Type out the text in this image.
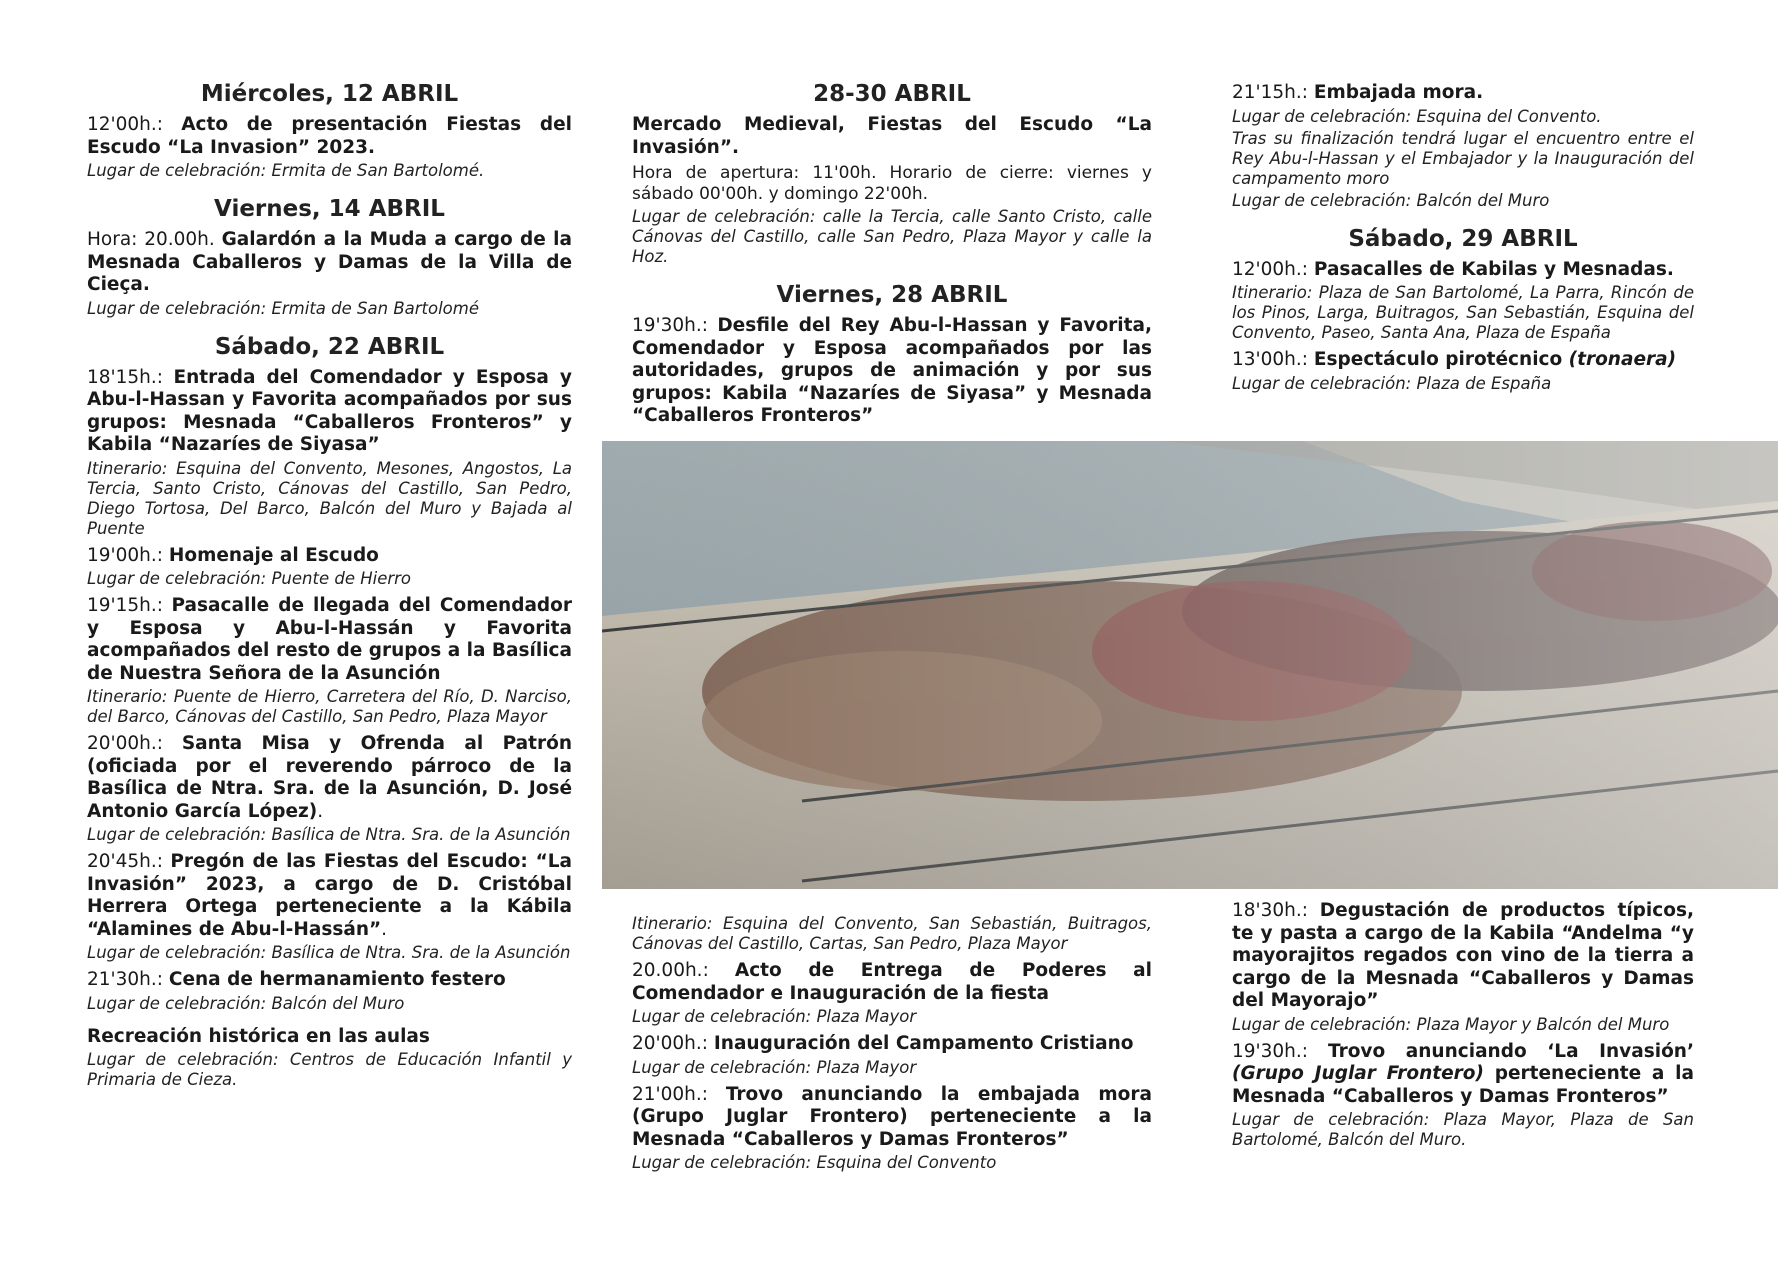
Miércoles, 12 ABRIL

12'00h.: Acto de presentación Fiestas del Escudo “La Invasion” 2023.

Lugar de celebración: Ermita de San Bartolomé.

Viernes, 14 ABRIL

Hora: 20.00h. Galardón a la Muda a cargo de la Mesnada Caballeros y Damas de la Villa de Cieça.

Lugar de celebración: Ermita de San Bartolomé

Sábado, 22 ABRIL

18'15h.: Entrada del Comendador y Esposa y Abu-l-Hassan y Favorita acompañados por sus grupos: Mesnada “Caballeros Fronteros” y Kabila “Nazaríes de Siyasa”

Itinerario: Esquina del Convento, Mesones, Angostos, La Tercia, Santo Cristo, Cánovas del Castillo, San Pedro, Diego Tortosa, Del Barco, Balcón del Muro y Bajada al Puente

19'00h.: Homenaje al Escudo

Lugar de celebración: Puente de Hierro

19'15h.: Pasacalle de llegada del Comendador y Esposa y Abu-l-Hassán y Favorita acompañados del resto de grupos a la Basílica de Nuestra Señora de la Asunción

Itinerario: Puente de Hierro, Carretera del Río, D. Narciso, del Barco, Cánovas del Castillo, San Pedro, Plaza Mayor

20'00h.: Santa Misa y Ofrenda al Patrón (oficiada por el reverendo párroco de la Basílica de Ntra. Sra. de la Asunción, D. José Antonio García López).

Lugar de celebración: Basílica de Ntra. Sra. de la Asunción

20'45h.: Pregón de las Fiestas del Escudo: “La Invasión” 2023, a cargo de D. Cristóbal Herrera Ortega perteneciente a la Kábila “Alamines de Abu-l-Hassán”.

Lugar de celebración: Basílica de Ntra. Sra. de la Asunción

21'30h.: Cena de hermanamiento festero

Lugar de celebración: Balcón del Muro

Recreación histórica en las aulas

Lugar de celebración: Centros de Educación Infantil y Primaria de Cieza.

28-30 ABRIL

Mercado Medieval, Fiestas del Escudo “La Invasión”.

Hora de apertura: 11'00h. Horario de cierre: viernes y sábado 00'00h. y domingo 22'00h.

Lugar de celebración: calle la Tercia, calle Santo Cristo, calle Cánovas del Castillo, calle San Pedro, Plaza Mayor y calle la Hoz.

Viernes, 28 ABRIL

19'30h.: Desfile del Rey Abu-l-Hassan y Favorita, Comendador y Esposa acompañados por las autoridades, grupos de animación y por sus grupos: Kabila “Nazaríes de Siyasa” y Mesnada “Caballeros Fronteros”

21'15h.: Embajada mora.

Lugar de celebración: Esquina del Convento.

Tras su finalización tendrá lugar el encuentro entre el Rey Abu-l-Hassan y el Embajador y la Inauguración del campamento moro

Lugar de celebración: Balcón del Muro

Sábado, 29 ABRIL

12'00h.: Pasacalles de Kabilas y Mesnadas.

Itinerario: Plaza de San Bartolomé, La Parra, Rincón de los Pinos, Larga, Buitragos, San Sebastián, Esquina del Convento, Paseo, Santa Ana, Plaza de España

13'00h.: Espectáculo pirotécnico (tronaera)

Lugar de celebración: Plaza de España

Itinerario: Esquina del Convento, San Sebastián, Buitragos, Cánovas del Castillo, Cartas, San Pedro, Plaza Mayor

20.00h.: Acto de Entrega de Poderes al Comendador e Inauguración de la fiesta

Lugar de celebración: Plaza Mayor

20'00h.: Inauguración del Campamento Cristiano

Lugar de celebración: Plaza Mayor

21'00h.: Trovo anunciando la embajada mora (Grupo Juglar Frontero) perteneciente a la Mesnada “Caballeros y Damas Fronteros”

Lugar de celebración: Esquina del Convento

18'30h.: Degustación de productos típicos, te y pasta a cargo de la Kabila “Andelma “y mayorajitos regados con vino de la tierra a cargo de la Mesnada “Caballeros y Damas del Mayorajo”

Lugar de celebración: Plaza Mayor y Balcón del Muro

19'30h.: Trovo anunciando ‘La Invasión’ (Grupo Juglar Frontero) perteneciente a la Mesnada “Caballeros y Damas Fronteros”

Lugar de celebración: Plaza Mayor, Plaza de San Bartolomé, Balcón del Muro.
